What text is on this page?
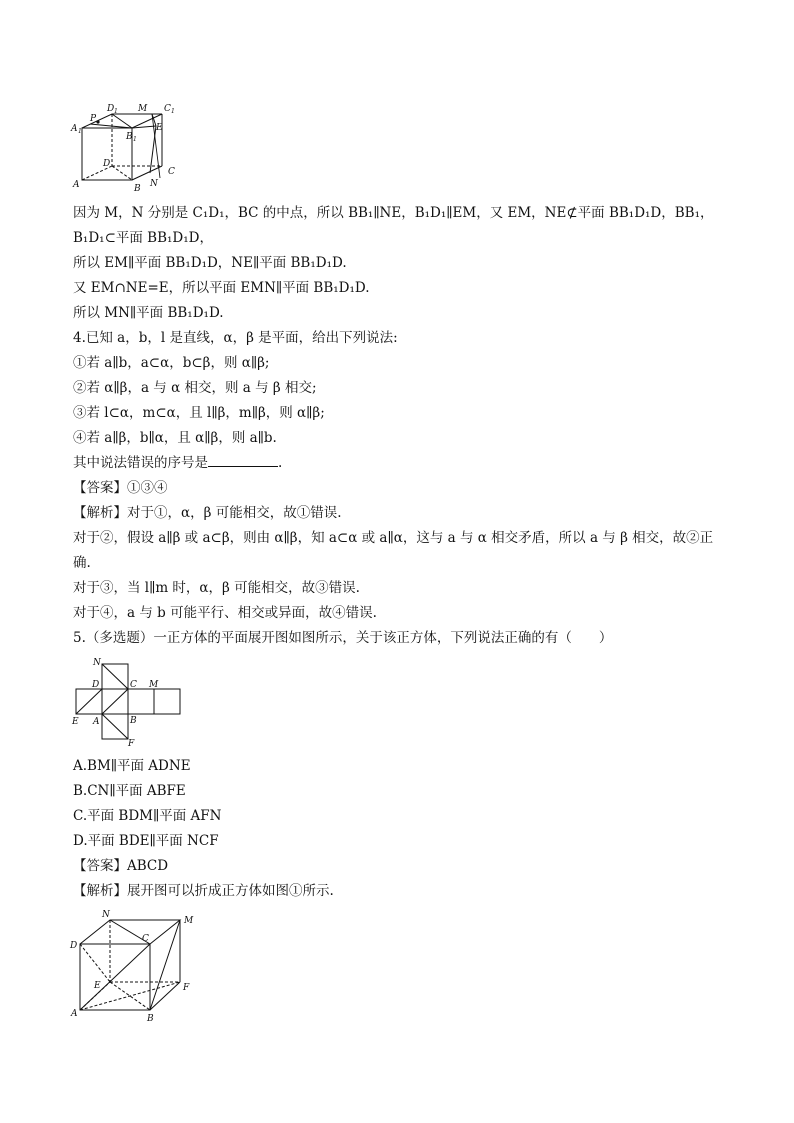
A 1
P
D 1 M C 1
E
B 1
D
C
A	B N
因为 M，N 分别是 C₁D₁，BC 的中点，所以 BB₁∥NE，B₁D₁∥EM，又 EM，NE⊄平面 BB₁D₁D，BB₁，
B₁D₁⊂平面 BB₁D₁D，
所以 EM∥平面 BB₁D₁D，NE∥平面 BB₁D₁D.
又 EM∩NE=E，所以平面 EMN∥平面 BB₁D₁D.
所以 MN∥平面 BB₁D₁D.
4.已知 a，b，l 是直线，α，β 是平面，给出下列说法:
①若 a∥b，a⊂α，b⊂β，则 α∥β;
②若 α∥β，a 与 α 相交，则 a 与 β 相交;
③若 l⊂α，m⊂α，且 l∥β，m∥β，则 α∥β;
④若 a∥β，b∥α，且 α∥β，则 a∥b.
其中说法错误的序号是	.
【答案】①③④
【解析】对于①，α，β 可能相交，故①错误.
对于②，假设 a∥β 或 a⊂β，则由 α∥β，知 a⊂α 或 a∥α，这与 a 与 α 相交矛盾，所以 a 与 β 相交，故②正
确.
对于③，当 l∥m 时，α，β 可能相交，故③错误.
对于④，a 与 b 可能平行、相交或异面，故④错误.
5.（多选题）一正方体的平面展开图如图所示，关于该正方体，下列说法正确的有（　　）
N
D	C M
E A	B
F
A.BM∥平面 ADNE
B.CN∥平面 ABFE
C.平面 BDM∥平面 AFN
D.平面 BDE∥平面 NCF
【答案】ABCD
【解析】展开图可以折成正方体如图①所示.
N
M
D
C
E	F
A	B
